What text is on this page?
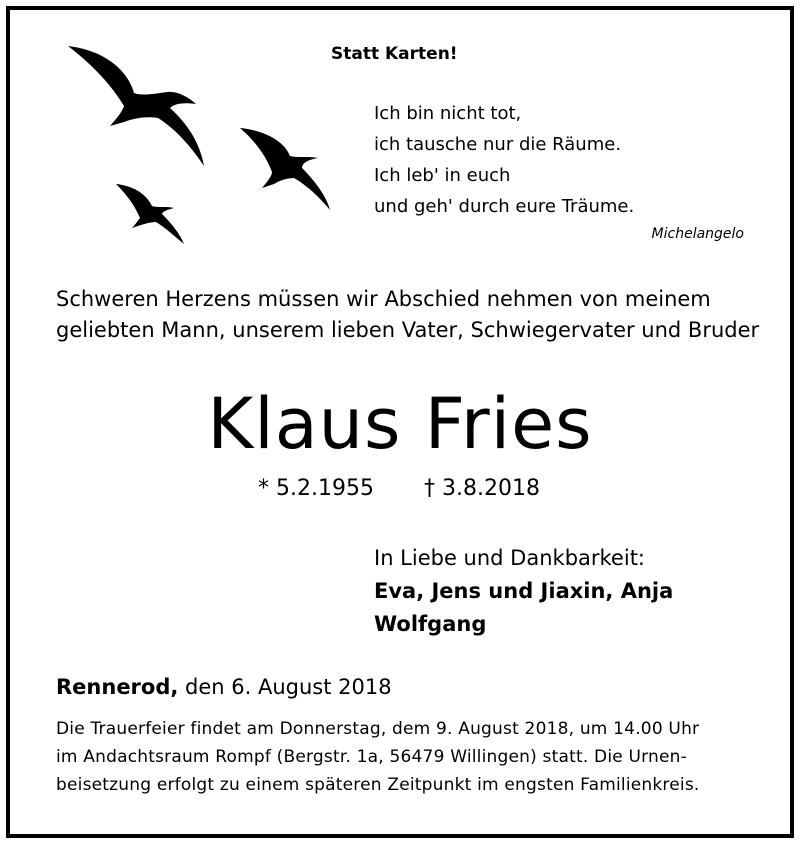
Statt Karten!
Ich bin nicht tot,
ich tausche nur die Räume.
Ich leb' in euch
und geh' durch eure Träume.
Michelangelo
Schweren Herzens müssen wir Abschied nehmen von meinem
geliebten Mann, unserem lieben Vater, Schwiegervater und Bruder
Klaus Fries
* 5.2.1955 † 3.8.2018
In Liebe und Dankbarkeit:
Eva, Jens und Jiaxin, Anja
Wolfgang
Rennerod, den 6. August 2018
Die Trauerfeier findet am Donnerstag, dem 9. August 2018, um 14.00 Uhr
im Andachtsraum Rompf (Bergstr. 1a, 56479 Willingen) statt. Die Urnen-
beisetzung erfolgt zu einem späteren Zeitpunkt im engsten Familienkreis.
